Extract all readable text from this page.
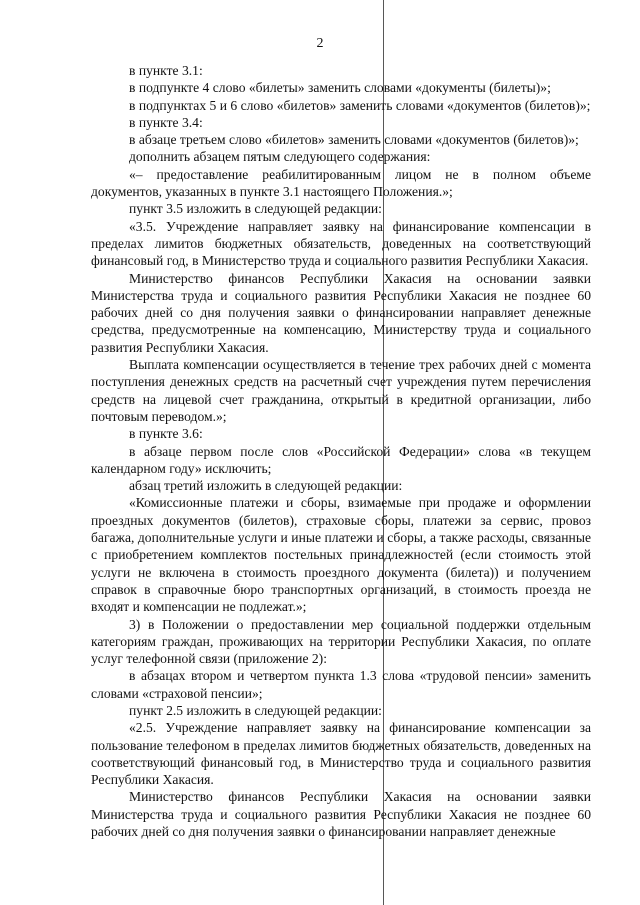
2

в пункте 3.1:

в подпункте 4 слово «билеты» заменить словами «документы (билеты)»;

в подпунктах 5 и 6 слово «билетов» заменить словами «документов (билетов)»;

в пункте 3.4:

в абзаце третьем слово «билетов» заменить словами «документов (билетов)»;

дополнить абзацем пятым следующего содержания:

«– предоставление реабилитированным лицом не в полном объеме документов, указанных в пункте 3.1 настоящего Положения.»;

пункт 3.5 изложить в следующей редакции:

«3.5. Учреждение направляет заявку на финансирование компенсации в пределах лимитов бюджетных обязательств, доведенных на соответствующий финансовый год, в Министерство труда и социального развития Республики Хакасия.

Министерство финансов Республики Хакасия на основании заявки Министерства труда и социального развития Республики Хакасия не позднее 60 рабочих дней со дня получения заявки о финансировании направляет денежные средства, предусмотренные на компенсацию, Министерству труда и социального развития Республики Хакасия.

Выплата компенсации осуществляется в течение трех рабочих дней с момента поступления денежных средств на расчетный счет учреждения путем перечисления средств на лицевой счет гражданина, открытый в кредитной организации, либо почтовым переводом.»;

в пункте 3.6:

в абзаце первом после слов «Российской Федерации» слова «в текущем календарном году» исключить;

абзац третий изложить в следующей редакции:

«Комиссионные платежи и сборы, взимаемые при продаже и оформлении проездных документов (билетов), страховые сборы, платежи за сервис, провоз багажа, дополнительные услуги и иные платежи и сборы, а также расходы, связанные с приобретением комплектов постельных принадлежностей (если стоимость этой услуги не включена в стоимость проездного документа (билета)) и получением справок в справочные бюро транспортных организаций, в стоимость проезда не входят и компенсации не подлежат.»;

3) в Положении о предоставлении мер социальной поддержки отдельным категориям граждан, проживающих на территории Республики Хакасия, по оплате услуг телефонной связи (приложение 2):

в абзацах втором и четвертом пункта 1.3 слова «трудовой пенсии» заменить словами «страховой пенсии»;

пункт 2.5 изложить в следующей редакции:

«2.5. Учреждение направляет заявку на финансирование компенсации за пользование телефоном в пределах лимитов бюджетных обязательств, доведенных на соответствующий финансовый год, в Министерство труда и социального развития Республики Хакасия.

Министерство финансов Республики Хакасия на основании заявки Министерства труда и социального развития Республики Хакасия не позднее 60 рабочих дней со дня получения заявки о финансировании направляет денежные
